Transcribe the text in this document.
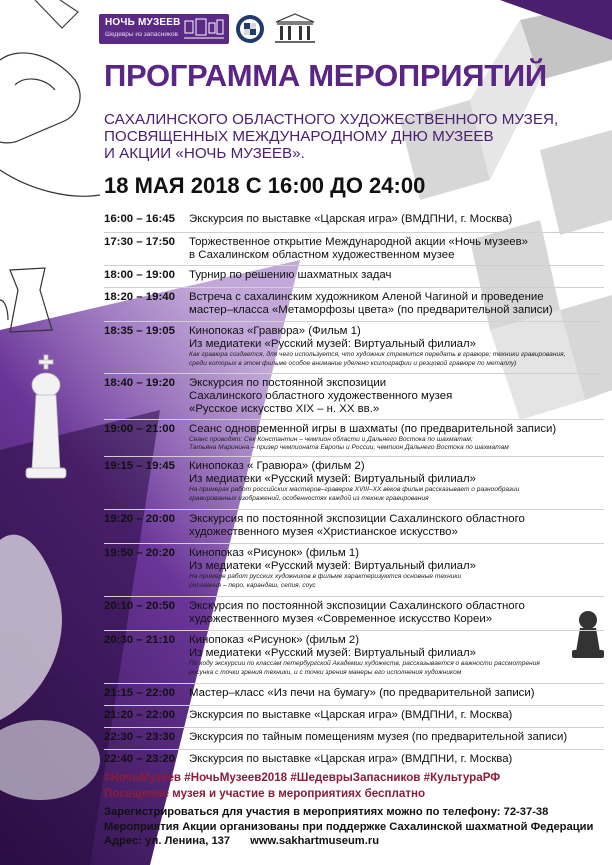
НОЧЬ МУЗЕЕВ
Шедевры из запасников
ПРОГРАММА МЕРОПРИЯТИЙ
САХАЛИНСКОГО ОБЛАСТНОГО ХУДОЖЕСТВЕННОГО МУЗЕЯ,
ПОСВЯЩЕННЫХ МЕЖДУНАРОДНОМУ ДНЮ МУЗЕЕВ
И АКЦИИ «НОЧЬ МУЗЕЕВ».
18 МАЯ 2018 С 16:00 ДО 24:00
16:00 – 16:45	Экскурсия по выставке «Царская игра» (ВМДПНИ, г. Москва)
17:30 – 17:50	Торжественное открытие Международной акции «Ночь музеев»
в Сахалинском областном художественном музее
18:00 – 19:00	Турнир по решению шахматных задач
18:20 – 19:40	Встреча с сахалинским художником Аленой Чагиной и проведение
мастер–класса «Метаморфозы цвета» (по предварительной записи)
18:35 – 19:05	Кинопоказ «Гравюра» (Фильм 1)
Из медиатеки «Русский музей: Виртуальный филиал»
Как гравюра создается, для чего используется, что художник стремится передать в гравюре; техники гравирования,
среди которых в этом фильме особое внимание уделено ксилографии и резцовой гравюре по металлу)
18:40 – 19:20	Экскурсия по постоянной экспозиции
Сахалинского областного художественного музея
«Русское искусство XIX – н. XX вв.»
19:00 – 21:00	Сеанс одновременной игры в шахматы (по предварительной записи)
Сеанс проводят: Сек Константин – чемпион области и Дальнего Востока по шахматам;
Татьяна Маринина – призер чемпионата Европы и России, чемпион Дальнего Востока по шахматам
19:15 – 19:45	Кинопоказ « Гравюра» (фильм 2)
Из медиатеки «Русский музей: Виртуальный филиал»
На примерах работ российских мастеров–граверов XVIII–XX веков фильм рассказывает о разнообразии
гравированных изображений, особенностях каждой из техник гравирования
19:20 – 20:00	Экскурсия по постоянной экспозиции Сахалинского областного
художественного музея «Христианское искусство»
19:50 – 20:20	Кинопоказ «Рисунок» (фильм 1)
Из медиатеки «Русский музей: Виртуальный филиал»
На примере работ русских художников в фильме характеризуются основные техники
рисования – перо, карандаш, сепия, соус
20:10 – 20:50	Экскурсия по постоянной экспозиции Сахалинского областного
художественного музея «Современное искусство Кореи»
20:30 – 21:10	Кинопоказ «Рисунок» (фильм 2)
Из медиатеки «Русский музей: Виртуальный филиал»
По ходу экскурсии по классам петербургской Академии художеств, рассказывается о важности рассмотрения
рисунка с точки зрения техники, и с точки зрения манеры его исполнения художником
21:15 – 22:00	Мастер–класс «Из печи на бумагу» (по предварительной записи)
21:20 – 22:00	Экскурсия по выставке «Царская игра» (ВМДПНИ, г. Москва)
22:30 – 23:30	Экскурсия по тайным помещениям музея (по предварительной записи)
22:40 – 23:20	Экскурсия по выставке «Царская игра» (ВМДПНИ, г. Москва)
#НочьМузеев #НочьМузеев2018 #ШедеврыЗапасников #КультураРФ
Посещение музея и участие в мероприятиях бесплатно
Зарегистрироваться для участия в мероприятиях можно по телефону: 72-37-38
Мероприятия Акции организованы при поддержке Сахалинской шахматной Федерации
Адрес: ул. Ленина, 137 www.sakhartmuseum.ru
